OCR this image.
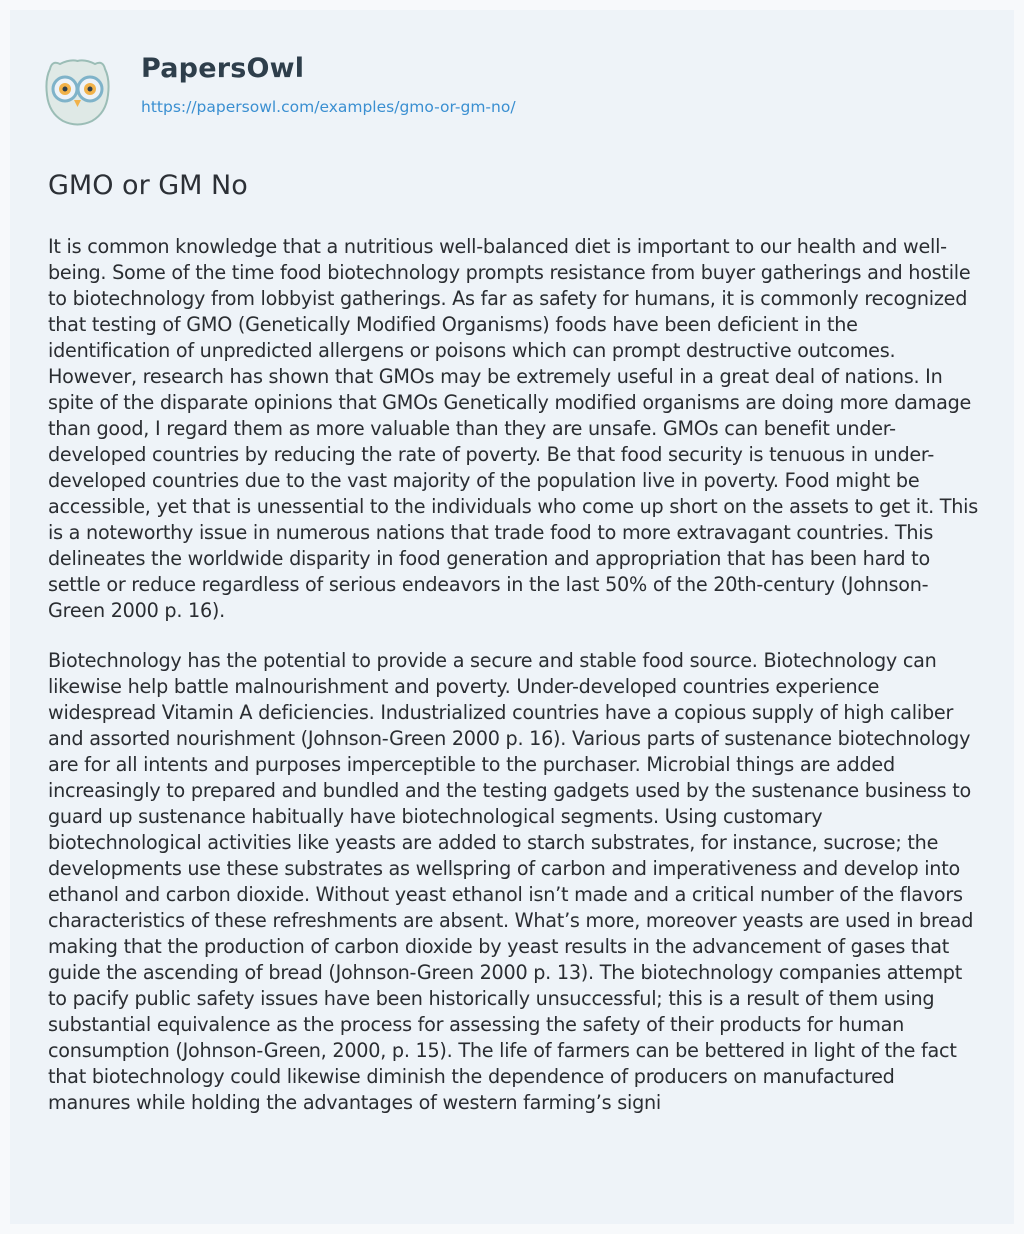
PapersOwl
https://papersowl.com/examples/gmo-or-gm-no/
GMO or GM No

It is common knowledge that a nutritious well-balanced diet is important to our health and well-being. Some of the time food biotechnology prompts resistance from buyer gatherings and hostile to biotechnology from lobbyist gatherings. As far as safety for humans, it is commonly recognized that testing of GMO (Genetically Modified Organisms) foods have been deficient in the identification of unpredicted allergens or poisons which can prompt destructive outcomes. However, research has shown that GMOs may be extremely useful in a great deal of nations. In spite of the disparate opinions that GMOs Genetically modified organisms are doing more damage than good, I regard them as more valuable than they are unsafe. GMOs can benefit under-developed countries by reducing the rate of poverty. Be that food security is tenuous in under-developed countries due to the vast majority of the population live in poverty. Food might be accessible, yet that is unessential to the individuals who come up short on the assets to get it. This is a noteworthy issue in numerous nations that trade food to more extravagant countries. This delineates the worldwide disparity in food generation and appropriation that has been hard to settle or reduce regardless of serious endeavors in the last 50% of the 20th-century (Johnson-Green 2000 p. 16).

Biotechnology has the potential to provide a secure and stable food source. Biotechnology can likewise help battle malnourishment and poverty. Under-developed countries experience widespread Vitamin A deficiencies. Industrialized countries have a copious supply of high caliber and assorted nourishment (Johnson-Green 2000 p. 16). Various parts of sustenance biotechnology are for all intents and purposes imperceptible to the purchaser. Microbial things are added increasingly to prepared and bundled and the testing gadgets used by the sustenance business to guard up sustenance habitually have biotechnological segments. Using customary biotechnological activities like yeasts are added to starch substrates, for instance, sucrose; the developments use these substrates as wellspring of carbon and imperativeness and develop into ethanol and carbon dioxide. Without yeast ethanol isn’t made and a critical number of the flavors characteristics of these refreshments are absent. What’s more, moreover yeasts are used in bread making that the production of carbon dioxide by yeast results in the advancement of gases that guide the ascending of bread (Johnson-Green 2000 p. 13). The biotechnology companies attempt to pacify public safety issues have been historically unsuccessful; this is a result of them using substantial equivalence as the process for assessing the safety of their products for human consumption (Johnson-Green, 2000, p. 15). The life of farmers can be bettered in light of the fact that biotechnology could likewise diminish the dependence of producers on manufactured manures while holding the advantages of western farming’s signi
